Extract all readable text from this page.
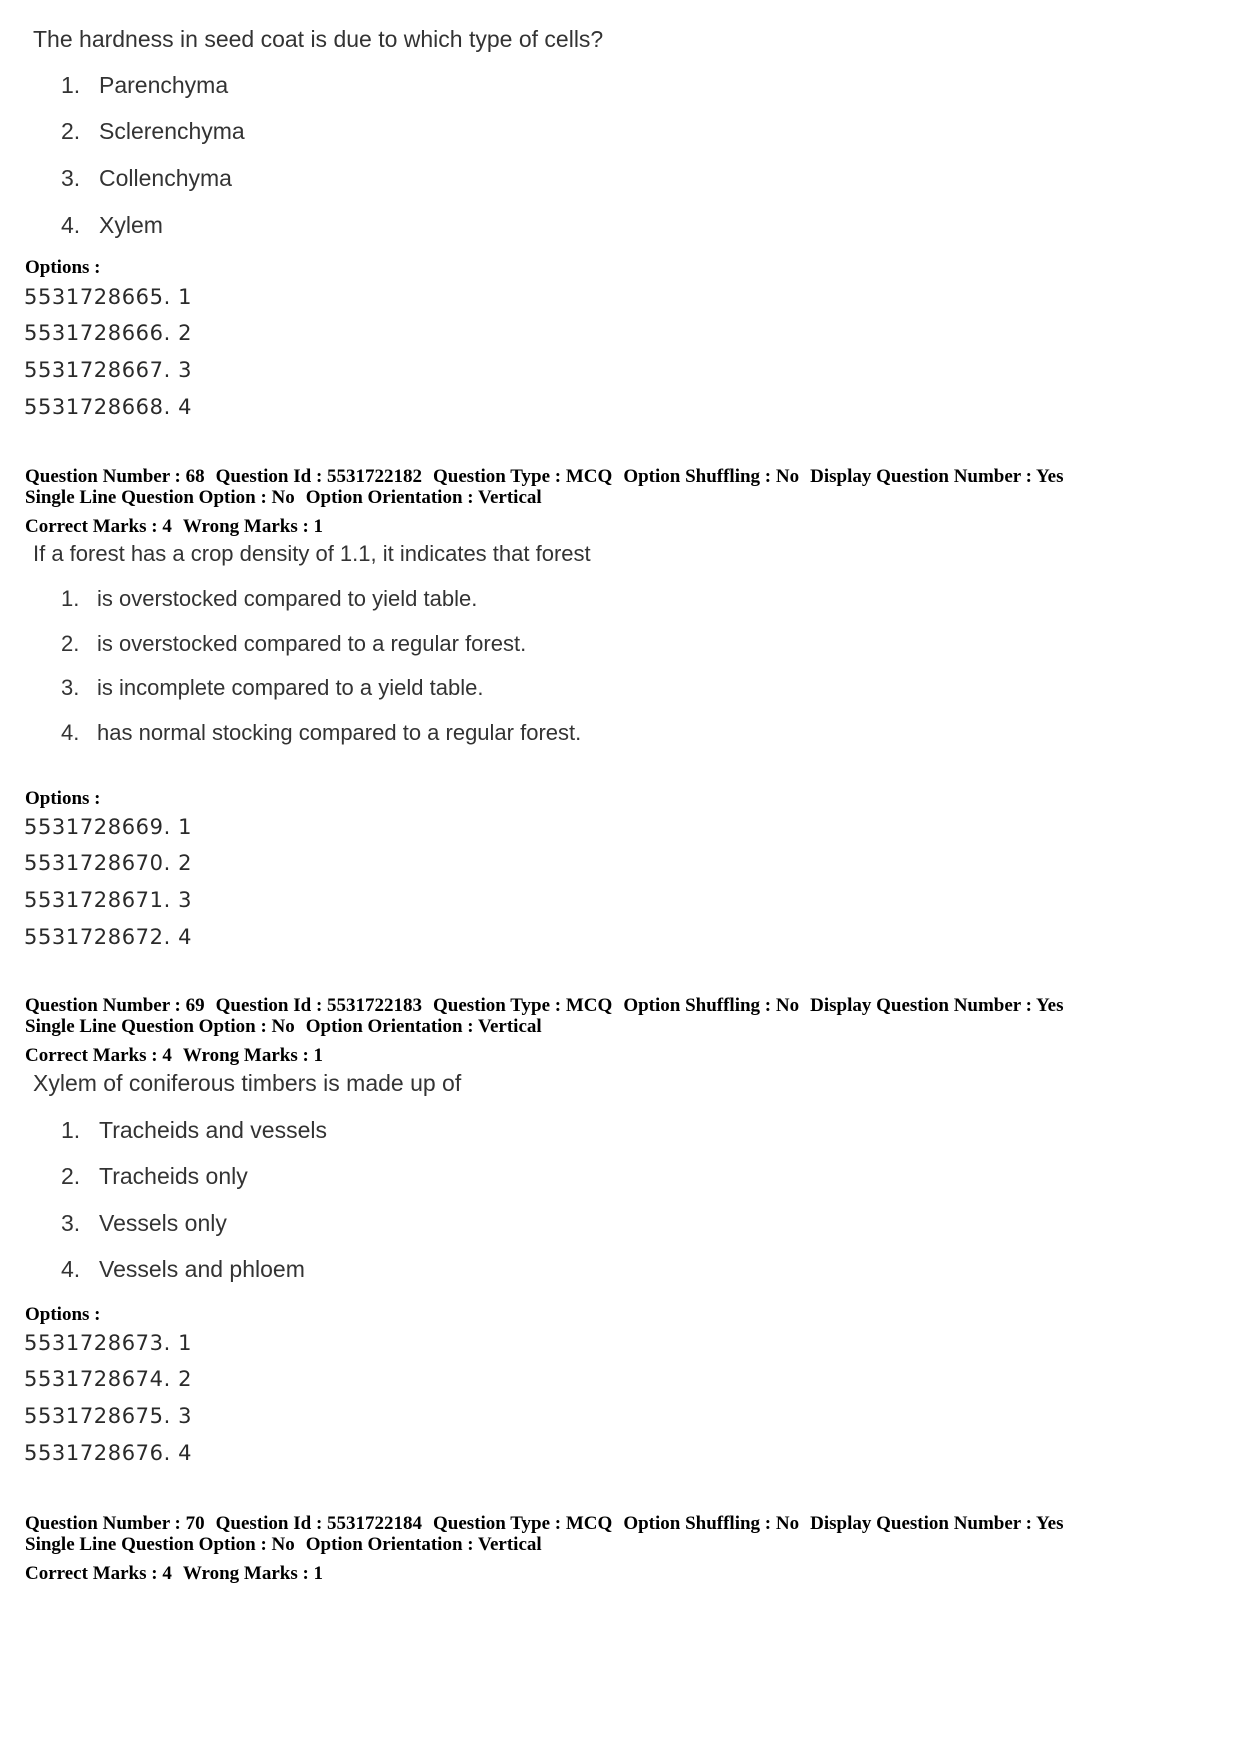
The hardness in seed coat is due to which type of cells?
1. Parenchyma
2. Sclerenchyma
3. Collenchyma
4. Xylem
Options :
5531728665. 1
5531728666. 2
5531728667. 3
5531728668. 4
Question Number : 68 Question Id : 5531722182 Question Type : MCQ Option Shuffling : No Display Question Number : Yes
Single Line Question Option : No Option Orientation : Vertical
Correct Marks : 4 Wrong Marks : 1
If a forest has a crop density of 1.1, it indicates that forest
1. is overstocked compared to yield table.
2. is overstocked compared to a regular forest.
3. is incomplete compared to a yield table.
4. has normal stocking compared to a regular forest.
Options :
5531728669. 1
5531728670. 2
5531728671. 3
5531728672. 4
Question Number : 69 Question Id : 5531722183 Question Type : MCQ Option Shuffling : No Display Question Number : Yes
Single Line Question Option : No Option Orientation : Vertical
Correct Marks : 4 Wrong Marks : 1
Xylem of coniferous timbers is made up of
1. Tracheids and vessels
2. Tracheids only
3. Vessels only
4. Vessels and phloem
Options :
5531728673. 1
5531728674. 2
5531728675. 3
5531728676. 4
Question Number : 70 Question Id : 5531722184 Question Type : MCQ Option Shuffling : No Display Question Number : Yes
Single Line Question Option : No Option Orientation : Vertical
Correct Marks : 4 Wrong Marks : 1
